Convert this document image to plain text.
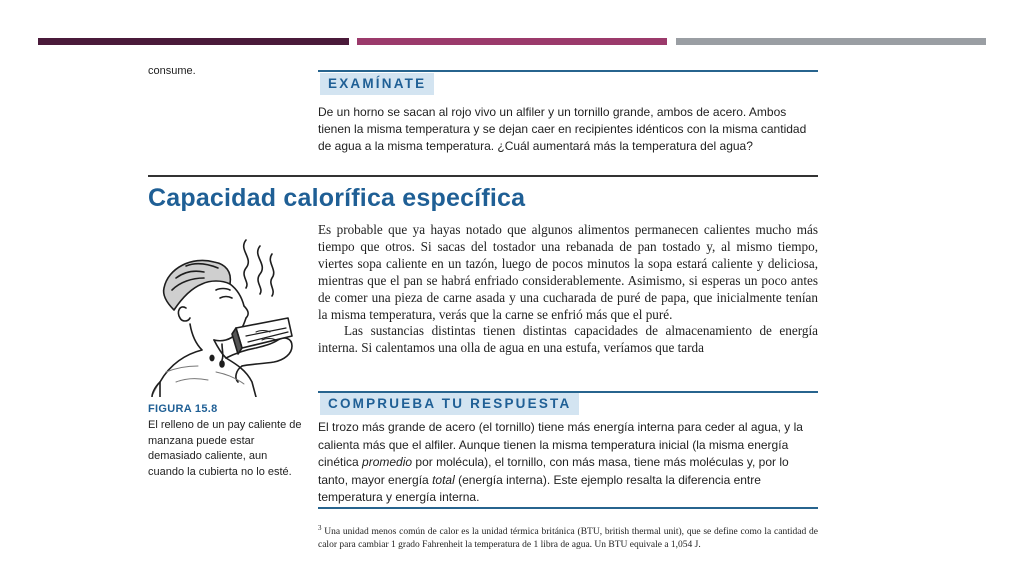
consume.
EXAMÍNATE
De un horno se sacan al rojo vivo un alfiler y un tornillo grande, ambos de acero. Ambos tienen la misma temperatura y se dejan caer en recipientes idénticos con la misma cantidad de agua a la misma temperatura. ¿Cuál aumentará más la temperatura del agua?
Capacidad calorífica específica

Es probable que ya hayas notado que algunos alimentos permanecen calientes mucho más tiempo que otros. Si sacas del tostador una rebanada de pan tostado y, al mismo tiempo, viertes sopa caliente en un tazón, luego de pocos minutos la sopa estará caliente y deliciosa, mientras que el pan se habrá enfriado considerablemente. Asimismo, si esperas un poco antes de comer una pieza de carne asada y una cucharada de puré de papa, que inicialmente tenían la misma temperatura, verás que la carne se enfrió más que el puré.

Las sustancias distintas tienen distintas capacidades de almacenamiento de energía interna. Si calentamos una olla de agua en una estufa, veríamos que tarda

FIGURA 15.8
El relleno de un pay caliente de manzana puede estar demasiado caliente, aun cuando la cubierta no lo esté.
COMPRUEBA TU RESPUESTA
El trozo más grande de acero (el tornillo) tiene más energía interna para ceder al agua, y la calienta más que el alfiler. Aunque tienen la misma temperatura inicial (la misma energía cinética promedio por molécula), el tornillo, con más masa, tiene más moléculas y, por lo tanto, mayor energía total (energía interna). Este ejemplo resalta la diferencia entre temperatura y energía interna.
$^3$ Una unidad menos común de calor es la unidad térmica británica (BTU, british thermal unit), que se define como la cantidad de calor para cambiar 1 grado Fahrenheit la temperatura de 1 libra de agua. Un BTU equivale a 1,054 J.
